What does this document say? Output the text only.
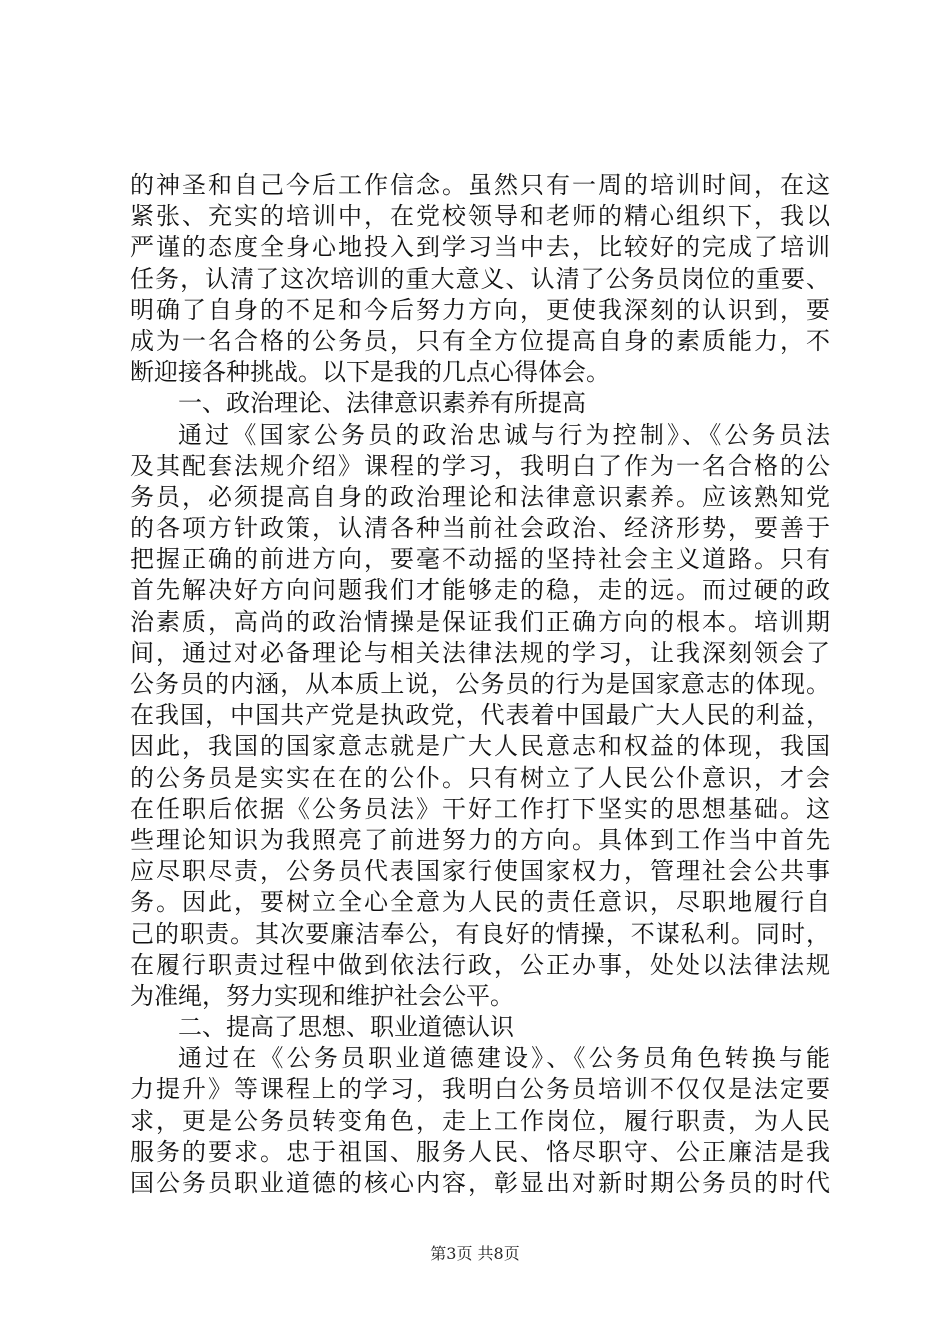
的神圣和自己今后工作信念。虽然只有一周的培训时间，在这
紧张、充实的培训中，在党校领导和老师的精心组织下，我以
严谨的态度全身心地投入到学习当中去，比较好的完成了培训
任务，认清了这次培训的重大意义、认清了公务员岗位的重要、
明确了自身的不足和今后努力方向，更使我深刻的认识到，要
成为一名合格的公务员，只有全方位提高自身的素质能力，不
断迎接各种挑战。以下是我的几点心得体会。
一、政治理论、法律意识素养有所提高
通过《国家公务员的政治忠诚与行为控制》、《公务员法
及其配套法规介绍》课程的学习，我明白了作为一名合格的公
务员，必须提高自身的政治理论和法律意识素养。应该熟知党
的各项方针政策，认清各种当前社会政治、经济形势，要善于
把握正确的前进方向，要毫不动摇的坚持社会主义道路。只有
首先解决好方向问题我们才能够走的稳，走的远。而过硬的政
治素质，高尚的政治情操是保证我们正确方向的根本。培训期
间，通过对必备理论与相关法律法规的学习，让我深刻领会了
公务员的内涵，从本质上说，公务员的行为是国家意志的体现。
在我国，中国共产党是执政党，代表着中国最广大人民的利益，
因此，我国的国家意志就是广大人民意志和权益的体现，我国
的公务员是实实在在的公仆。只有树立了人民公仆意识，才会
在任职后依据《公务员法》干好工作打下坚实的思想基础。这
些理论知识为我照亮了前进努力的方向。具体到工作当中首先
应尽职尽责，公务员代表国家行使国家权力，管理社会公共事
务。因此，要树立全心全意为人民的责任意识，尽职地履行自
己的职责。其次要廉洁奉公，有良好的情操，不谋私利。同时，
在履行职责过程中做到依法行政，公正办事，处处以法律法规
为准绳，努力实现和维护社会公平。
二、提高了思想、职业道德认识
通过在《公务员职业道德建设》、《公务员角色转换与能
力提升》等课程上的学习，我明白公务员培训不仅仅是法定要
求，更是公务员转变角色，走上工作岗位，履行职责，为人民
服务的要求。忠于祖国、服务人民、恪尽职守、公正廉洁是我
国公务员职业道德的核心内容，彰显出对新时期公务员的时代
第3页 共8页
